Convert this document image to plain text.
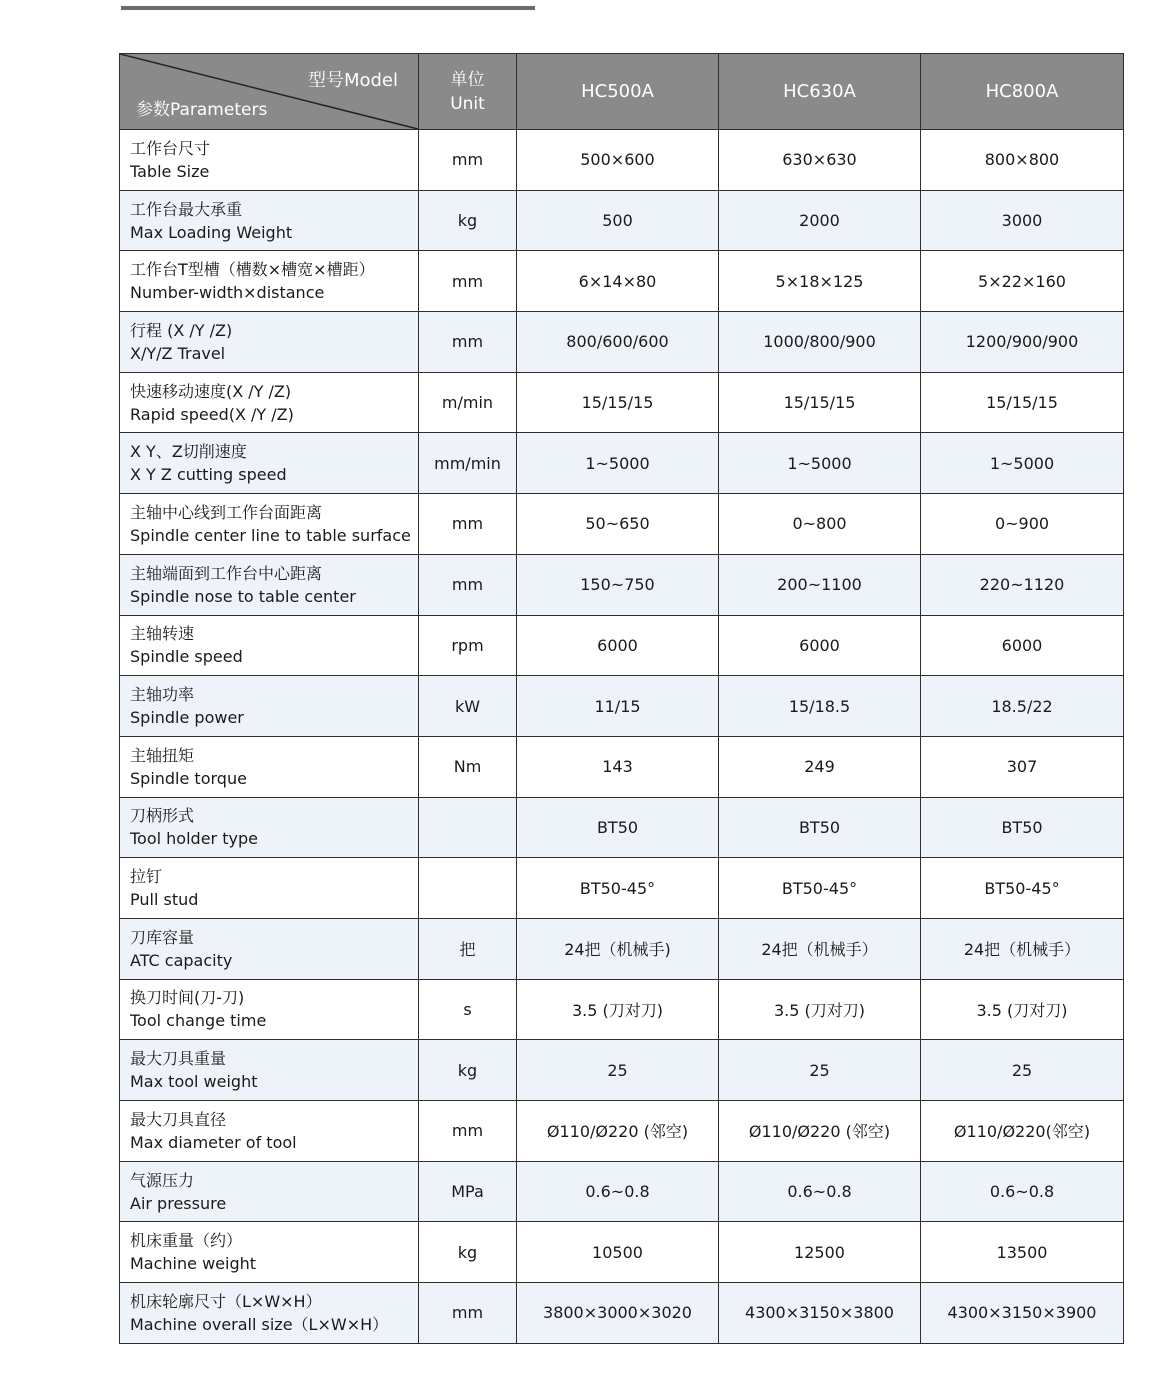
型号Model
参数Parameters	单位
Unit	HC500A	HC630A	HC800A

工作台尺寸
Table Size	mm	500×600	630×630	800×800

工作台最大承重
Max Loading Weight	kg	500	2000	3000

工作台T型槽（槽数×槽宽×槽距）
Number-width×distance	mm	6×14×80	5×18×125	5×22×160

行程 (X /Y /Z)
X/Y/Z Travel	mm	800/600/600	1000/800/900	1200/900/900

快速移动速度(X /Y /Z)
Rapid speed(X /Y /Z)	m/min	15/15/15	15/15/15	15/15/15

X Y、Z切削速度
X Y Z cutting speed	mm/min	1~5000	1~5000	1~5000

主轴中心线到工作台面距离
Spindle center line to table surface	mm	50~650	0~800	0~900

主轴端面到工作台中心距离
Spindle nose to table center	mm	150~750	200~1100	220~1120

主轴转速
Spindle speed	rpm	6000	6000	6000

主轴功率
Spindle power	kW	11/15	15/18.5	18.5/22

主轴扭矩
Spindle torque	Nm	143	249	307

刀柄形式
Tool holder type		BT50	BT50	BT50

拉钉
Pull stud		BT50-45°	BT50-45°	BT50-45°

刀库容量
ATC capacity	把	24把（机械手)	24把（机械手）	24把（机械手）

换刀时间(刀-刀)
Tool change time	s	3.5 (刀对刀)	3.5 (刀对刀)	3.5 (刀对刀)

最大刀具重量
Max tool weight	kg	25	25	25

最大刀具直径
Max diameter of tool	mm	Ø110/Ø220 (邻空)	Ø110/Ø220 (邻空)	Ø110/Ø220(邻空)

气源压力
Air pressure	MPa	0.6~0.8	0.6~0.8	0.6~0.8

机床重量（约）
Machine weight	kg	10500	12500	13500

机床轮廓尺寸（L×W×H）
Machine overall size（L×W×H）	mm	3800×3000×3020	4300×3150×3800	4300×3150×3900
